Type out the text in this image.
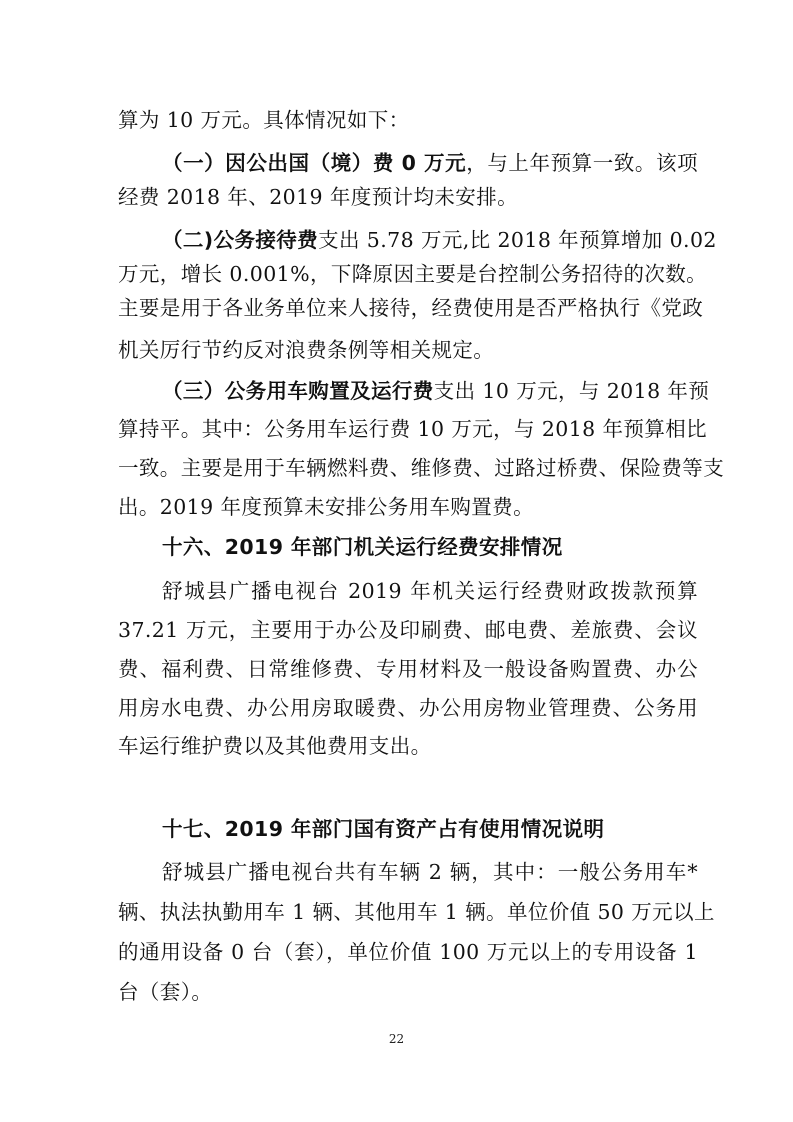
算为 10 万元。具体情况如下：
（一）因公出国（境）费 0 万元，与上年预算一致。该项
经费 2018 年、2019 年度预计均未安排。
（二)公务接待费支出 5.78 万元,比 2018 年预算增加 0.02
万元，增长 0.001%，下降原因主要是台控制公务招待的次数。
主要是用于各业务单位来人接待，经费使用是否严格执行《党政
机关厉行节约反对浪费条例等相关规定。
（三）公务用车购置及运行费支出 10 万元，与 2018 年预
算持平。其中：公务用车运行费 10 万元，与 2018 年预算相比
一致。主要是用于车辆燃料费、维修费、过路过桥费、保险费等支
出。2019 年度预算未安排公务用车购置费。
十六、2019 年部门机关运行经费安排情况
舒城县广播电视台 2019 年机关运行经费财政拨款预算
37.21 万元，主要用于办公及印刷费、邮电费、差旅费、会议
费、福利费、日常维修费、专用材料及一般设备购置费、办公
用房水电费、办公用房取暖费、办公用房物业管理费、公务用
车运行维护费以及其他费用支出。
十七、2019 年部门国有资产占有使用情况说明
舒城县广播电视台共有车辆 2 辆，其中：一般公务用车*
辆、执法执勤用车 1 辆、其他用车 1 辆。单位价值 50 万元以上
的通用设备 0 台（套），单位价值 100 万元以上的专用设备 1
台（套）。
22
